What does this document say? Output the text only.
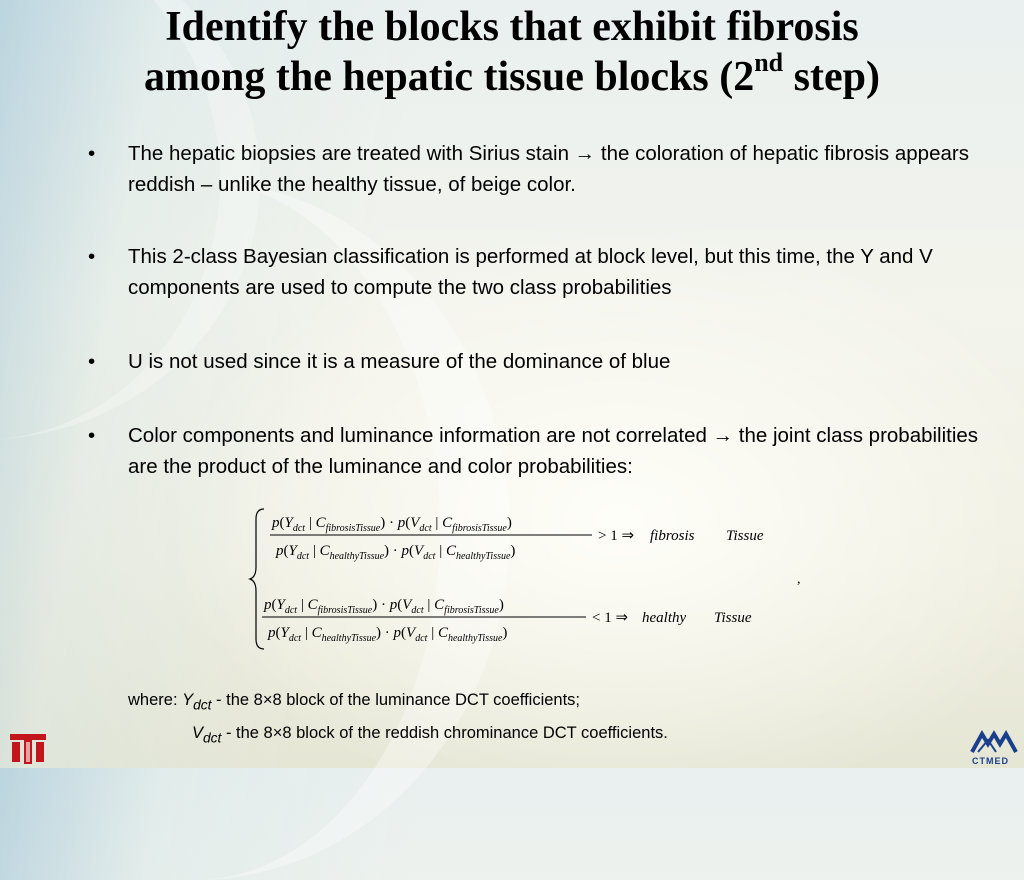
Identify the blocks that exhibit fibrosis
among the hepatic tissue blocks (2nd step)
• The hepatic biopsies are treated with Sirius stain → the coloration of hepatic fibrosis appears reddish – unlike the healthy tissue, of beige color.
• This 2-class Bayesian classification is performed at block level, but this time, the Y and V components are used to compute the two class probabilities
• U is not used since it is a measure of the dominance of blue
• Color components and luminance information are not correlated → the joint class probabilities are the product of the luminance and color probabilities:
$p(Y_{dct}$ | $C_{fibrosisTissue}) \cdot p(V_{dct}$ | $C_{fibrosisTissue}$)
$p(Y_{dct}$ | $C_{healthyTissue}) \cdot p(V_{dct}$ | $C_{healthyTissue}$)
> 1 ⇒ fibrosis Tissue
,
$p(Y_{dct}$ | $C_{fibrosisTissue}) \cdot p(V_{dct}$ | $C_{fibrosisTissue}$)
$p(Y_{dct}$ | $C_{healthyTissue}) \cdot p(V_{dct}$ | $C_{healthyTissue}$)
< 1 ⇒ healthy Tissue
where: $Y_{dct}$ - the 8×8 block of the luminance DCT coefficients;
$V_{dct}$ - the 8×8 block of the reddish chrominance DCT coefficients.
CTMED
